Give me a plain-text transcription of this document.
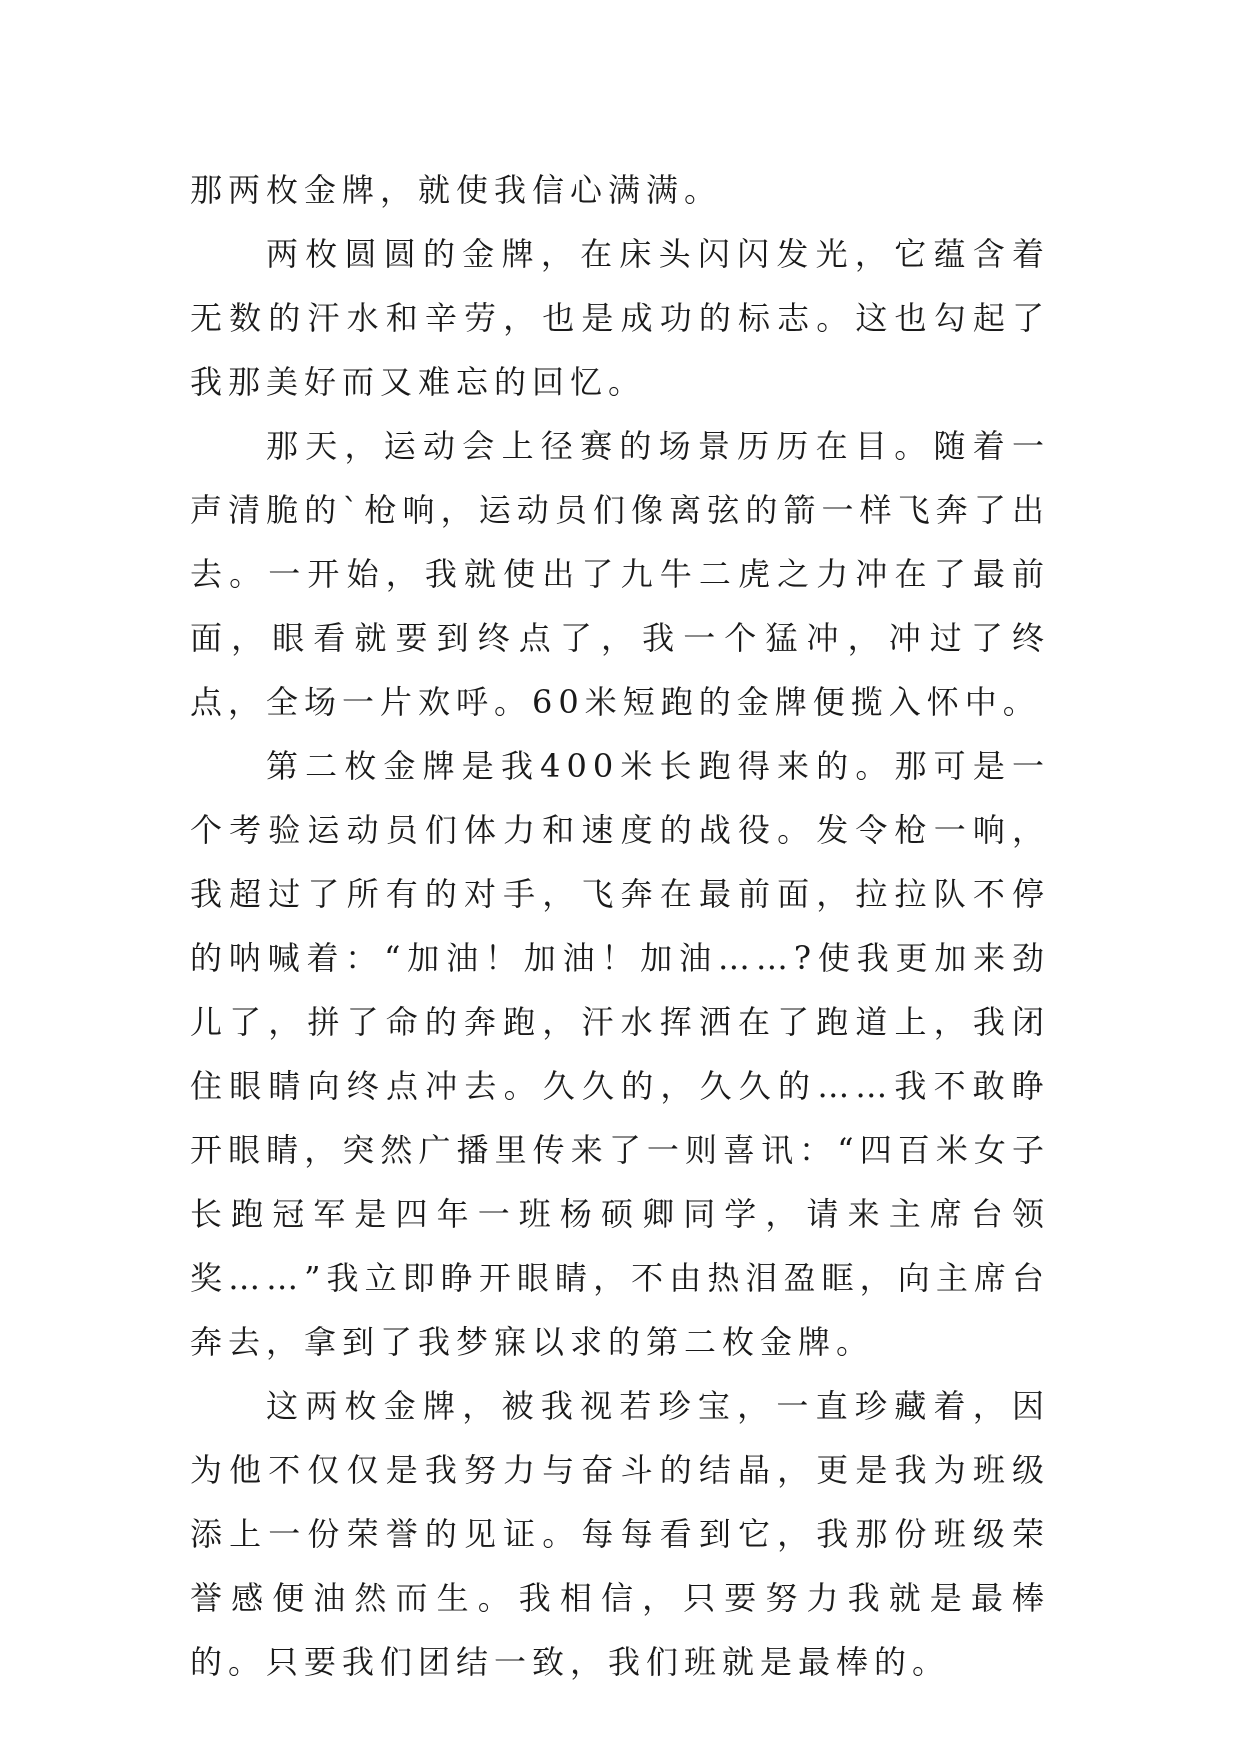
那两枚金牌，就使我信心满满。

两枚圆圆的金牌，在床头闪闪发光，它蕴含着无数的汗水和辛劳，也是成功的标志。这也勾起了我那美好而又难忘的回忆。

那天，运动会上径赛的场景历历在目。随着一声清脆的`枪响，运动员们像离弦的箭一样飞奔了出去。一开始，我就使出了九牛二虎之力冲在了最前面，眼看就要到终点了，我一个猛冲，冲过了终点，全场一片欢呼。60米短跑的金牌便揽入怀中。

第二枚金牌是我400米长跑得来的。那可是一个考验运动员们体力和速度的战役。发令枪一响，我超过了所有的对手，飞奔在最前面，拉拉队不停的呐喊着：“加油！加油！加油……?使我更加来劲儿了，拼了命的奔跑，汗水挥洒在了跑道上，我闭住眼睛向终点冲去。久久的，久久的……我不敢睁开眼睛，突然广播里传来了一则喜讯：“四百米女子长跑冠军是四年一班杨硕卿同学，请来主席台领奖……”我立即睁开眼睛，不由热泪盈眶，向主席台奔去，拿到了我梦寐以求的第二枚金牌。

这两枚金牌，被我视若珍宝，一直珍藏着，因为他不仅仅是我努力与奋斗的结晶，更是我为班级添上一份荣誉的见证。每每看到它，我那份班级荣誉感便油然而生。我相信，只要努力我就是最棒的。只要我们团结一致，我们班就是最棒的。
